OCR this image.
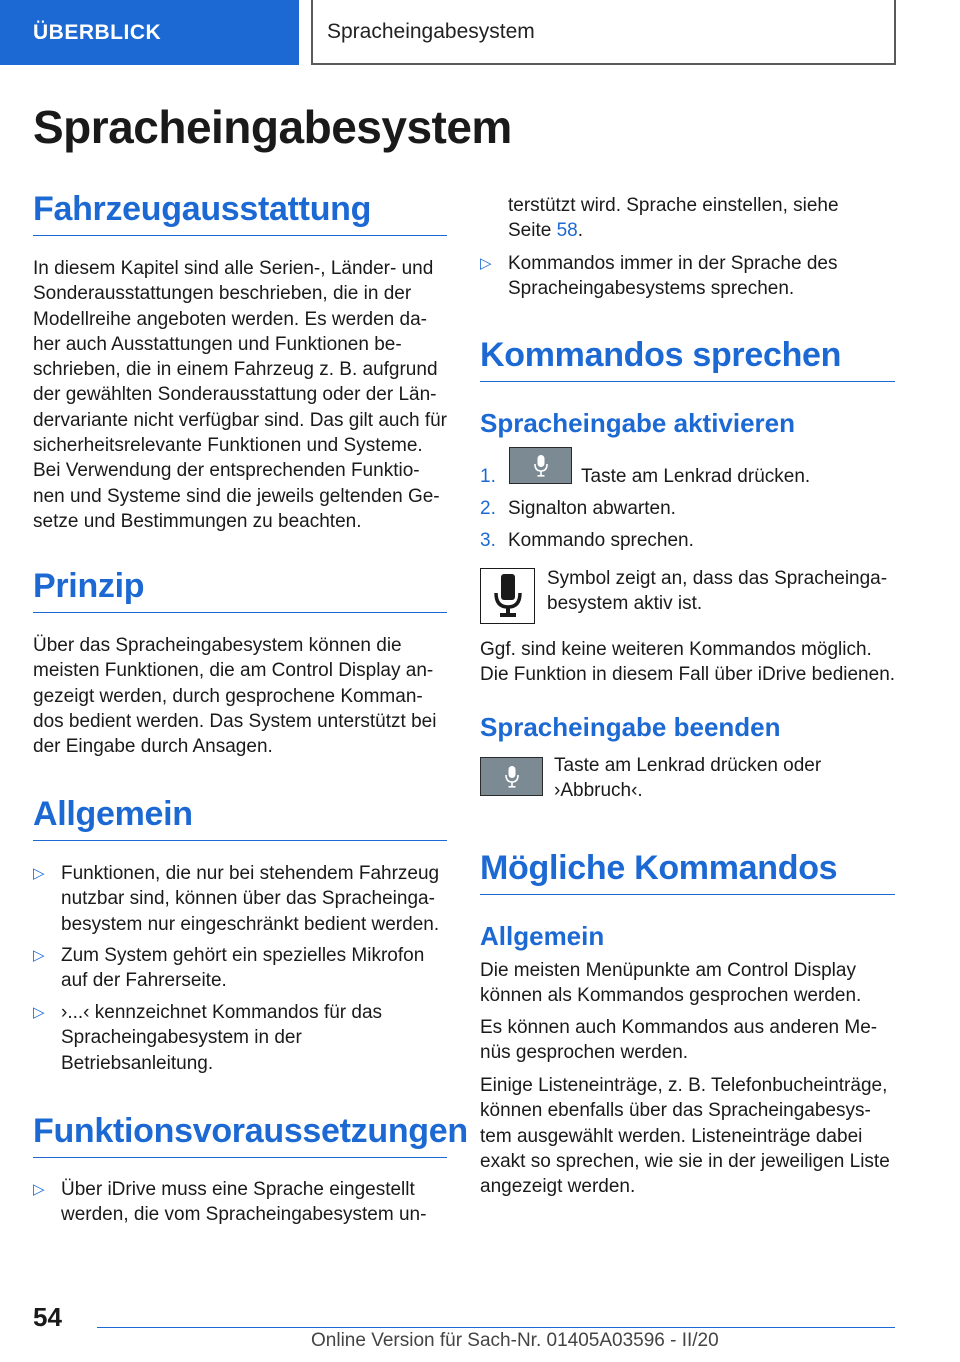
ÜBERBLICK	Spracheingabesystem
Spracheingabesystem
Fahrzeugausstattung

In diesem Kapitel sind alle Serien-, Länder- und
Sonderausstattungen beschrieben, die in der
Modellreihe angeboten werden. Es werden da-
her auch Ausstattungen und Funktionen be-
schrieben, die in einem Fahrzeug z. B. aufgrund
der gewählten Sonderausstattung oder der Län-
dervariante nicht verfügbar sind. Das gilt auch für
sicherheitsrelevante Funktionen und Systeme.
Bei Verwendung der entsprechenden Funktio-
nen und Systeme sind die jeweils geltenden Ge-
setze und Bestimmungen zu beachten.

Prinzip

Über das Spracheingabesystem können die
meisten Funktionen, die am Control Display an-
gezeigt werden, durch gesprochene Komman-
dos bedient werden. Das System unterstützt bei
der Eingabe durch Ansagen.

Allgemein
▷ Funktionen, die nur bei stehendem Fahrzeug
nutzbar sind, können über das Spracheinga-
besystem nur eingeschränkt bedient werden.
▷ Zum System gehört ein spezielles Mikrofon
auf der Fahrerseite.
▷ ›...‹ kennzeichnet Kommandos für das
Spracheingabesystem in der
Betriebsanleitung.
Funktionsvoraussetzungen
▷ Über iDrive muss eine Sprache eingestellt
werden, die vom Spracheingabesystem un-

terstützt wird. Sprache einstellen, siehe
Seite 58.

▷ Kommandos immer in der Sprache des
Spracheingabesystems sprechen.
Kommandos sprechen
Spracheingabe aktivieren
1.	Taste am Lenkrad drücken.
2. Signalton abwarten.
3. Kommando sprechen.

Symbol zeigt an, dass das Spracheinga-
besystem aktiv ist.

Ggf. sind keine weiteren Kommandos möglich.
Die Funktion in diesem Fall über iDrive bedienen.

Spracheingabe beenden

Taste am Lenkrad drücken oder
›Abbruch‹.

Mögliche Kommandos
Allgemein

Die meisten Menüpunkte am Control Display
können als Kommandos gesprochen werden.

Es können auch Kommandos aus anderen Me-
nüs gesprochen werden.

Einige Listeneinträge, z. B. Telefonbucheinträge,
können ebenfalls über das Spracheingabesys-
tem ausgewählt werden. Listeneinträge dabei
exakt so sprechen, wie sie in der jeweiligen Liste
angezeigt werden.

54
Online Version für Sach-Nr. 01405A03596 - II/20
